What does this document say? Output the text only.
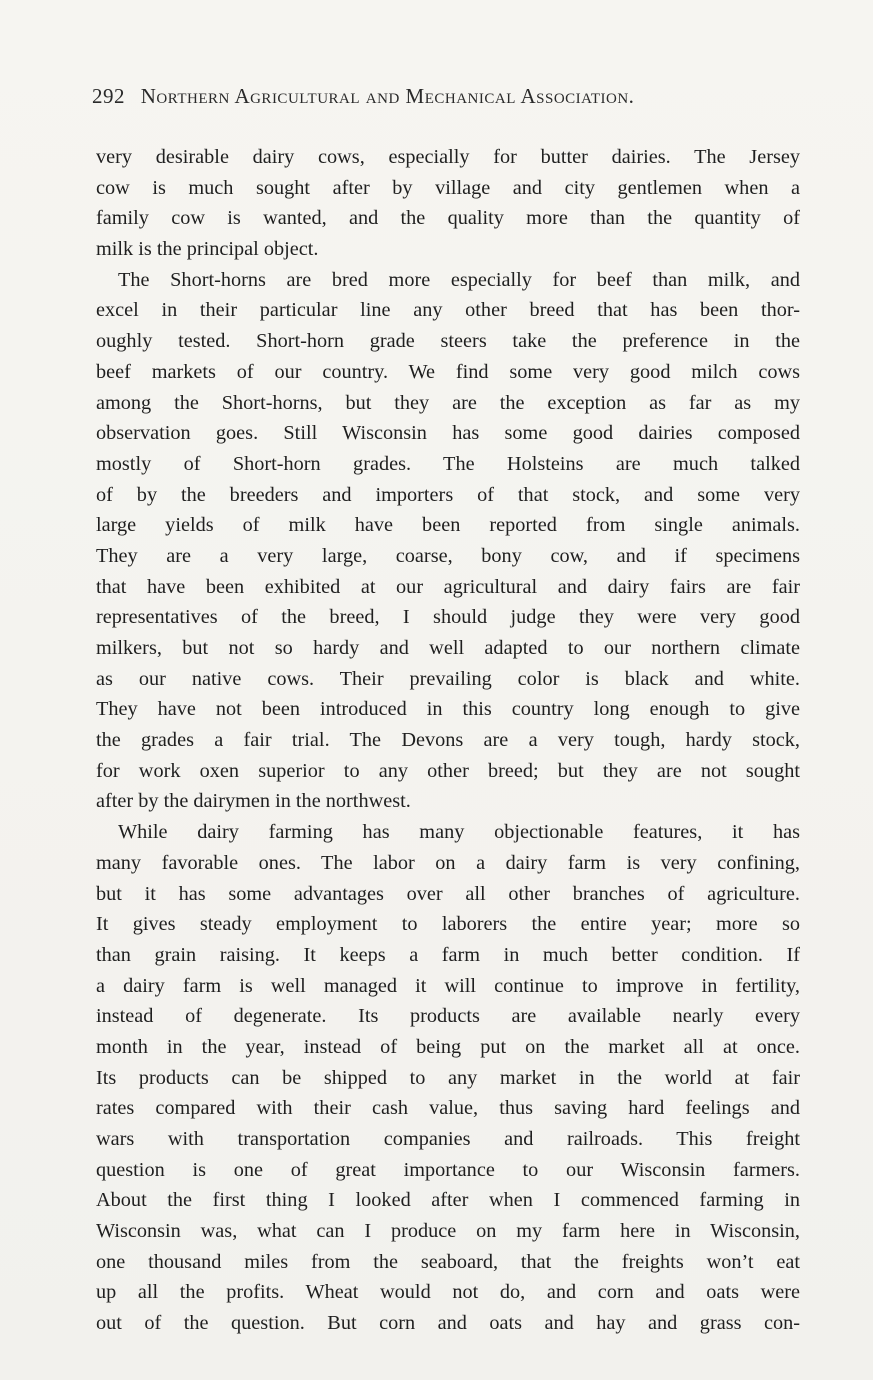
292 Northern Agricultural and Mechanical Association.
very desirable dairy cows, especially for butter dairies. The Jersey
cow is much sought after by village and city gentlemen when a
family cow is wanted, and the quality more than the quantity of
milk is the principal object.
The Short-horns are bred more especially for beef than milk, and
excel in their particular line any other breed that has been thor-
oughly tested. Short-horn grade steers take the preference in the
beef markets of our country. We find some very good milch cows
among the Short-horns, but they are the exception as far as my
observation goes. Still Wisconsin has some good dairies composed
mostly of Short-horn grades. The Holsteins are much talked
of by the breeders and importers of that stock, and some very
large yields of milk have been reported from single animals.
They are a very large, coarse, bony cow, and if specimens
that have been exhibited at our agricultural and dairy fairs are fair
representatives of the breed, I should judge they were very good
milkers, but not so hardy and well adapted to our northern climate
as our native cows. Their prevailing color is black and white.
They have not been introduced in this country long enough to give
the grades a fair trial. The Devons are a very tough, hardy stock,
for work oxen superior to any other breed; but they are not sought
after by the dairymen in the northwest.
While dairy farming has many objectionable features, it has
many favorable ones. The labor on a dairy farm is very confining,
but it has some advantages over all other branches of agriculture.
It gives steady employment to laborers the entire year; more so
than grain raising. It keeps a farm in much better condition. If
a dairy farm is well managed it will continue to improve in fertility,
instead of degenerate. Its products are available nearly every
month in the year, instead of being put on the market all at once.
Its products can be shipped to any market in the world at fair
rates compared with their cash value, thus saving hard feelings and
wars with transportation companies and railroads. This freight
question is one of great importance to our Wisconsin farmers.
About the first thing I looked after when I commenced farming in
Wisconsin was, what can I produce on my farm here in Wisconsin,
one thousand miles from the seaboard, that the freights won’t eat
up all the profits. Wheat would not do, and corn and oats were
out of the question. But corn and oats and hay and grass con-
